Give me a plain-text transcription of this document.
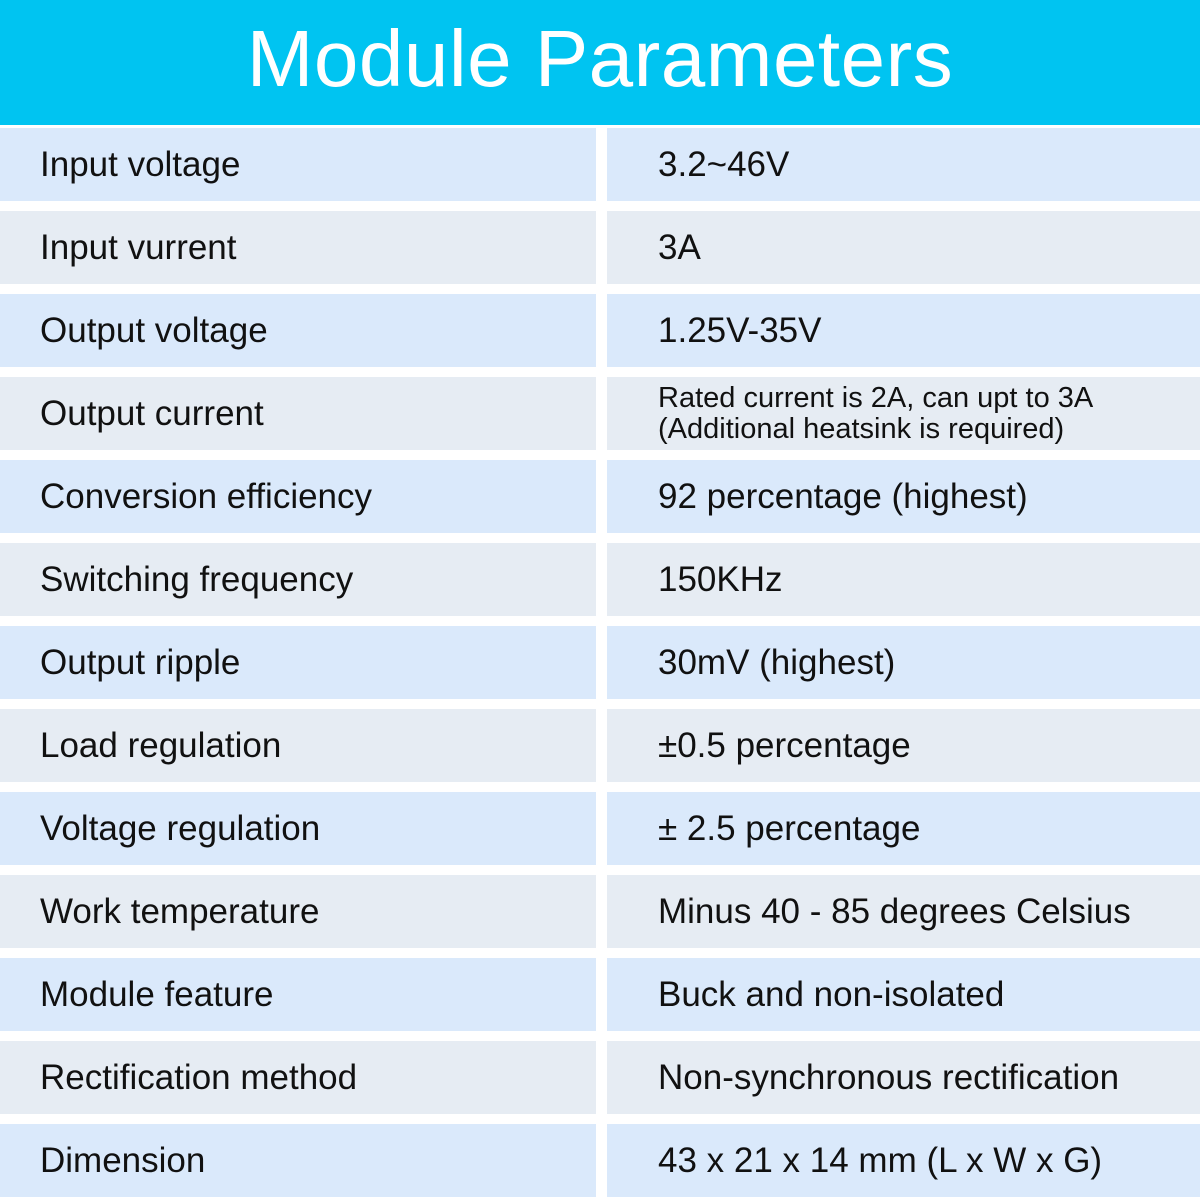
Module Parameters
Input voltage	3.2~46V
Input vurrent	3A
Output voltage	1.25V-35V
Output current	Rated current is 2A, can upt to 3A
(Additional heatsink is required)
Conversion efficiency	92 percentage (highest)
Switching frequency	150KHz
Output ripple	30mV (highest)
Load regulation	±0.5 percentage
Voltage regulation	± 2.5 percentage
Work temperature	Minus 40 - 85 degrees Celsius
Module feature	Buck and non-isolated
Rectification method	Non-synchronous rectification
Dimension	43 x 21 x 14 mm (L x W x G)
